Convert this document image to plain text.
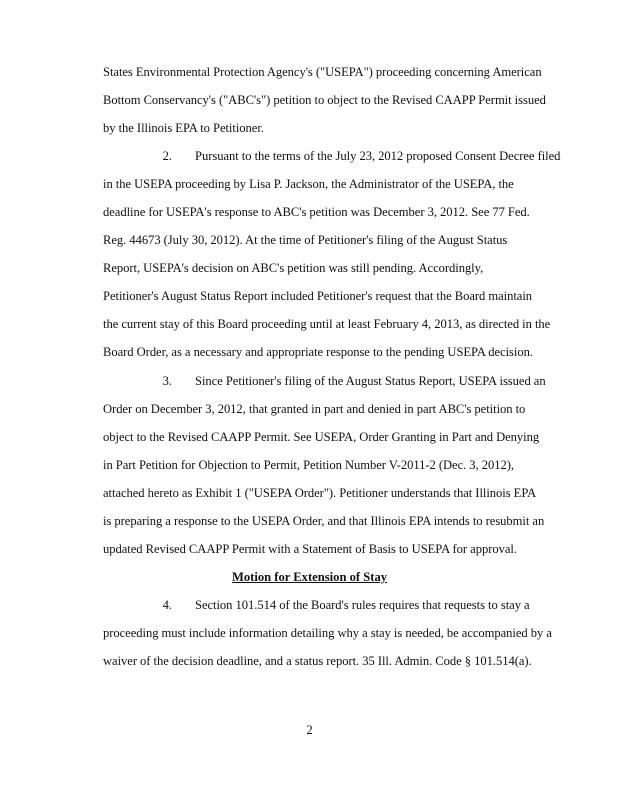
States Environmental Protection Agency's ("USEPA") proceeding concerning American
Bottom Conservancy's ("ABC's") petition to object to the Revised CAAPP Permit issued
by the Illinois EPA to Petitioner.
2. Pursuant to the terms of the July 23, 2012 proposed Consent Decree filed
in the USEPA proceeding by Lisa P. Jackson, the Administrator of the USEPA, the
deadline for USEPA's response to ABC's petition was December 3, 2012. See 77 Fed.
Reg. 44673 (July 30, 2012). At the time of Petitioner's filing of the August Status
Report, USEPA's decision on ABC's petition was still pending. Accordingly,
Petitioner's August Status Report included Petitioner's request that the Board maintain
the current stay of this Board proceeding until at least February 4, 2013, as directed in the
Board Order, as a necessary and appropriate response to the pending USEPA decision.
3. Since Petitioner's filing of the August Status Report, USEPA issued an
Order on December 3, 2012, that granted in part and denied in part ABC's petition to
object to the Revised CAAPP Permit. See USEPA, Order Granting in Part and Denying
in Part Petition for Objection to Permit, Petition Number V-2011-2 (Dec. 3, 2012),
attached hereto as Exhibit 1 ("USEPA Order"). Petitioner understands that Illinois EPA
is preparing a response to the USEPA Order, and that Illinois EPA intends to resubmit an
updated Revised CAAPP Permit with a Statement of Basis to USEPA for approval.
Motion for Extension of Stay
4. Section 101.514 of the Board's rules requires that requests to stay a
proceeding must include information detailing why a stay is needed, be accompanied by a
waiver of the decision deadline, and a status report. 35 Ill. Admin. Code § 101.514(a).
2
